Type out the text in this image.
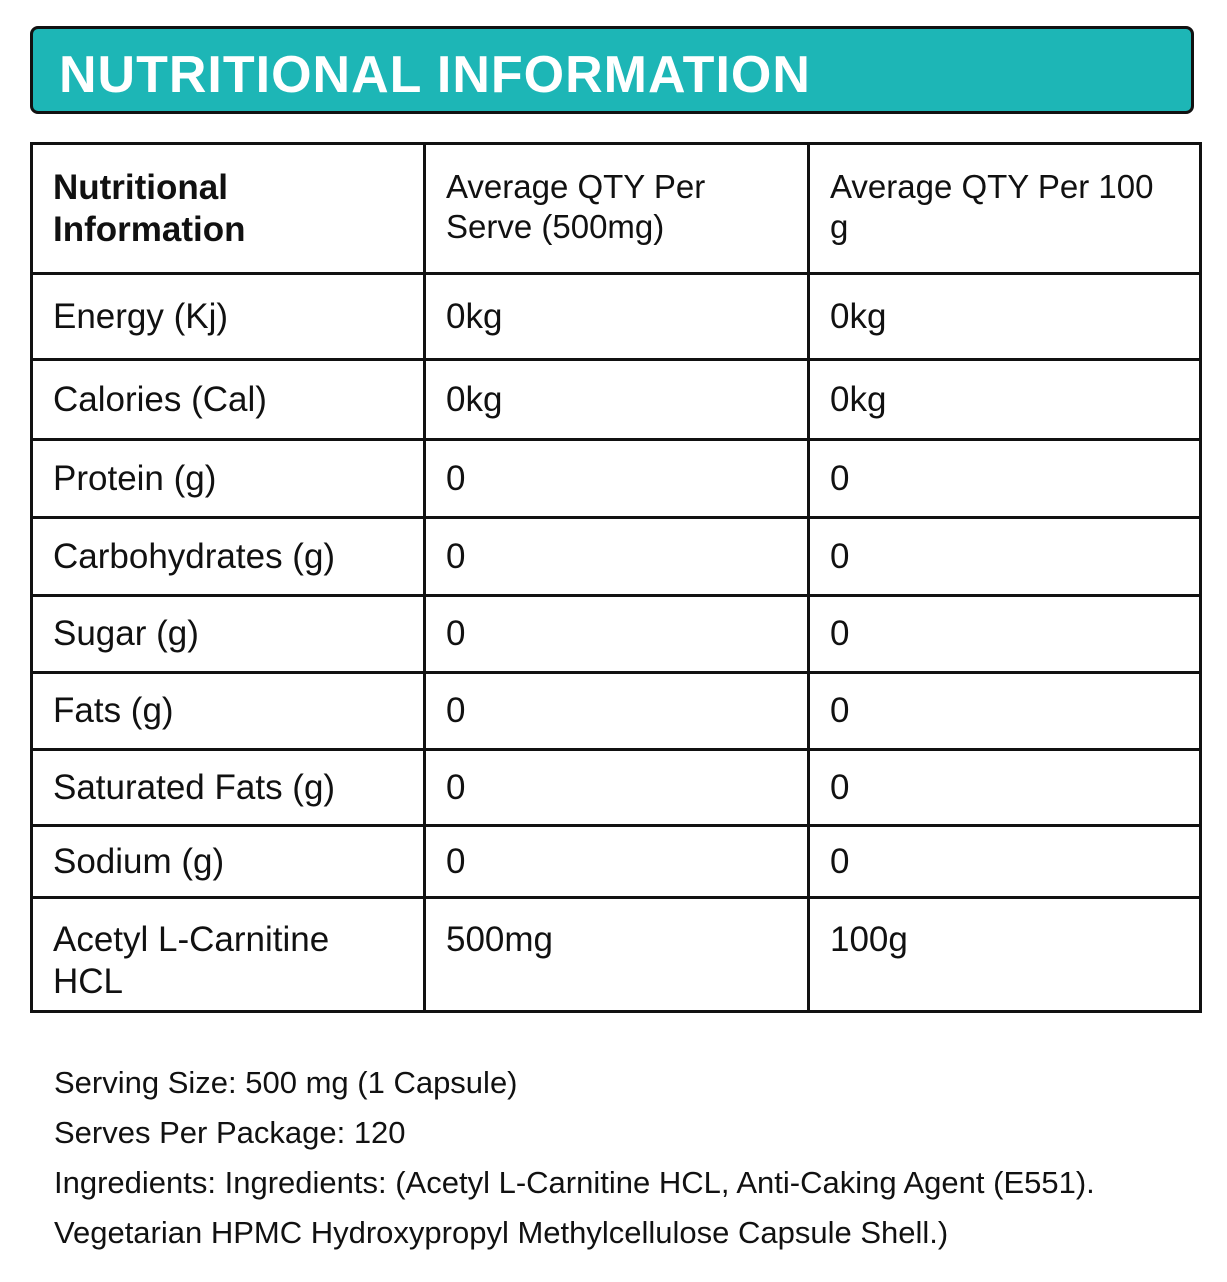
NUTRITIONAL INFORMATION
Nutritional Information	Average QTY Per Serve (500mg)	Average QTY Per 100 g
Energy (Kj)	0kg	0kg
Calories (Cal)	0kg	0kg
Protein (g)	0	0
Carbohydrates (g)	0	0
Sugar (g)	0	0
Fats (g)	0	0
Saturated Fats (g)	0	0
Sodium (g)	0	0
Acetyl L-Carnitine HCL	500mg	100g
Serving Size: 500 mg (1 Capsule)
Serves Per Package: 120
Ingredients: Ingredients: (Acetyl L-Carnitine HCL, Anti-Caking Agent (E551).
Vegetarian HPMC Hydroxypropyl Methylcellulose Capsule Shell.)
